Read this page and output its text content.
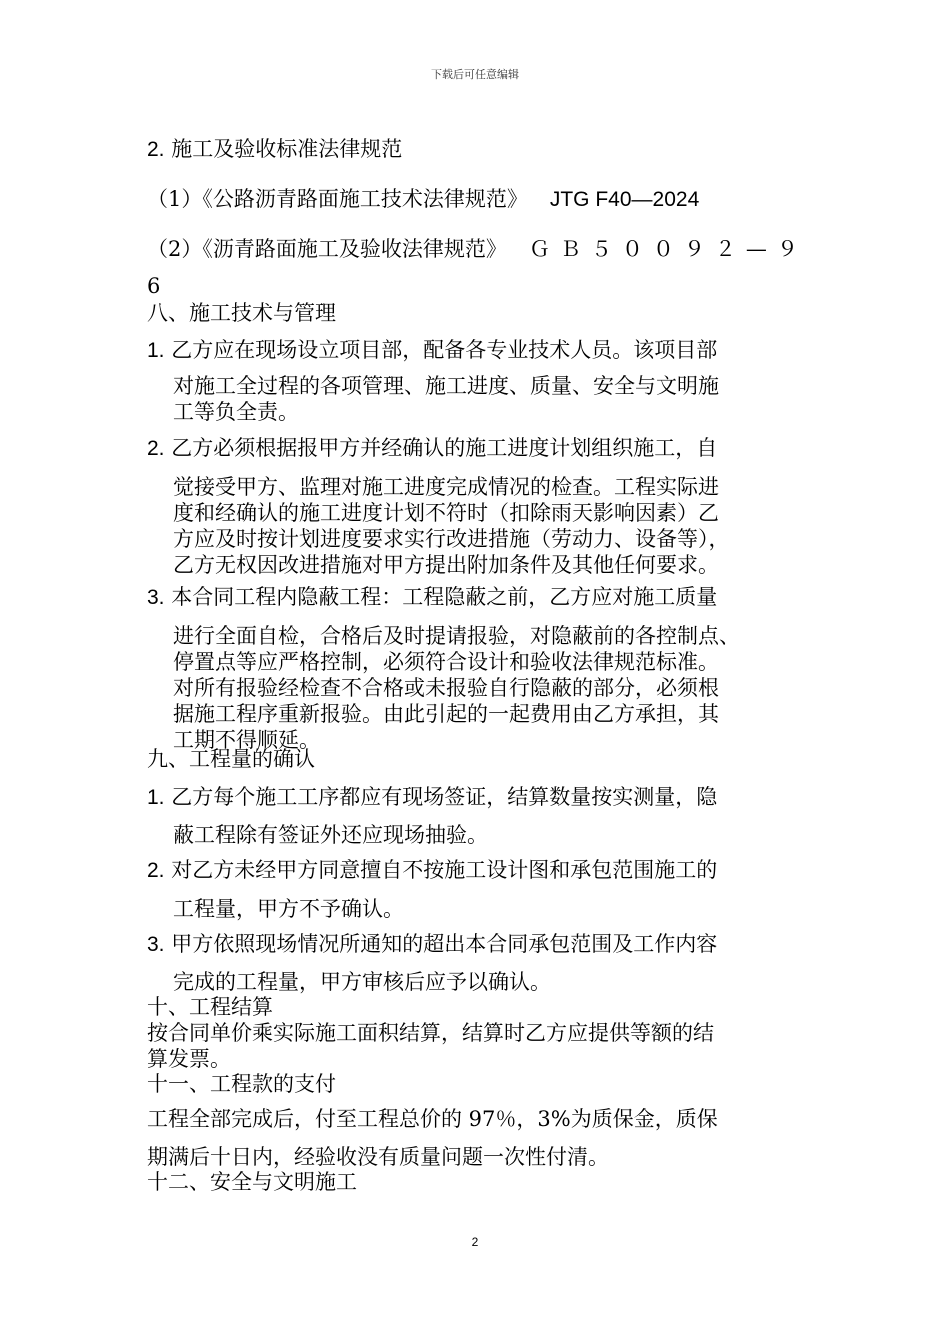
下载后可任意编辑
2. 施工及验收标准法律规范
（1）《公路沥青路面施工技术法律规范》 JTG F40—2024
（2）《沥青路面施工及验收法律规范》 ＧＢ５００９２—９
6
八、施工技术与管理
1. 乙方应在现场设立项目部，配备各专业技术人员。该项目部
对施工全过程的各项管理、施工进度、质量、安全与文明施
工等负全责。
2. 乙方必须根据报甲方并经确认的施工进度计划组织施工，自
觉接受甲方、监理对施工进度完成情况的检查。工程实际进
度和经确认的施工进度计划不符时（扣除雨天影响因素）乙
方应及时按计划进度要求实行改进措施（劳动力、设备等），
乙方无权因改进措施对甲方提出附加条件及其他任何要求。
3. 本合同工程内隐蔽工程：工程隐蔽之前，乙方应对施工质量
进行全面自检，合格后及时提请报验，对隐蔽前的各控制点、
停置点等应严格控制，必须符合设计和验收法律规范标准。
对所有报验经检查不合格或未报验自行隐蔽的部分，必须根
据施工程序重新报验。由此引起的一起费用由乙方承担，其
工期不得顺延。
九、工程量的确认
1. 乙方每个施工工序都应有现场签证，结算数量按实测量，隐
蔽工程除有签证外还应现场抽验。
2. 对乙方未经甲方同意擅自不按施工设计图和承包范围施工的
工程量，甲方不予确认。
3. 甲方依照现场情况所通知的超出本合同承包范围及工作内容
完成的工程量，甲方审核后应予以确认。
十、工程结算
按合同单价乘实际施工面积结算，结算时乙方应提供等额的结
算发票。
十一、工程款的支付
工程全部完成后，付至工程总价的 97％，3%为质保金，质保
期满后十日内，经验收没有质量问题一次性付清。
十二、安全与文明施工
2
